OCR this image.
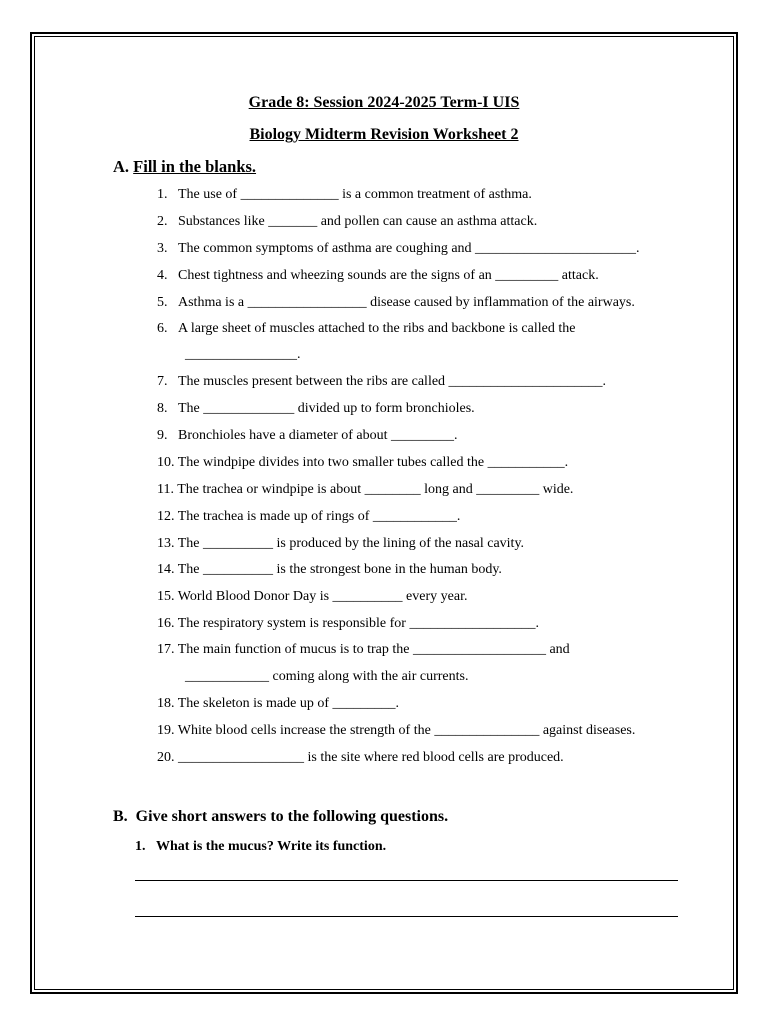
Grade 8: Session 2024-2025 Term-I UIS
Biology Midterm Revision Worksheet 2
A. Fill in the blanks.
1.   The use of ______________ is a common treatment of asthma.
2.   Substances like _______ and pollen can cause an asthma attack.
3.   The common symptoms of asthma are coughing and _______________________.
4.   Chest tightness and wheezing sounds are the signs of an _________ attack.
5.   Asthma is a _________________ disease caused by inflammation of the airways.
6.   A large sheet of muscles attached to the ribs and backbone is called the
________________.
7.   The muscles present between the ribs are called ______________________.
8.   The _____________ divided up to form bronchioles.
9.   Bronchioles have a diameter of about _________.
10. The windpipe divides into two smaller tubes called the ___________.
11. The trachea or windpipe is about ________ long and _________ wide.
12. The trachea is made up of rings of ____________.
13. The __________ is produced by the lining of the nasal cavity.
14. The __________ is the strongest bone in the human body.
15. World Blood Donor Day is __________ every year.
16. The respiratory system is responsible for __________________.
17. The main function of mucus is to trap the ___________________ and
____________ coming along with the air currents.
18. The skeleton is made up of _________.
19. White blood cells increase the strength of the _______________ against diseases.
20. __________________ is the site where red blood cells are produced.
B.  Give short answers to the following questions.
1.   What is the mucus? Write its function.
